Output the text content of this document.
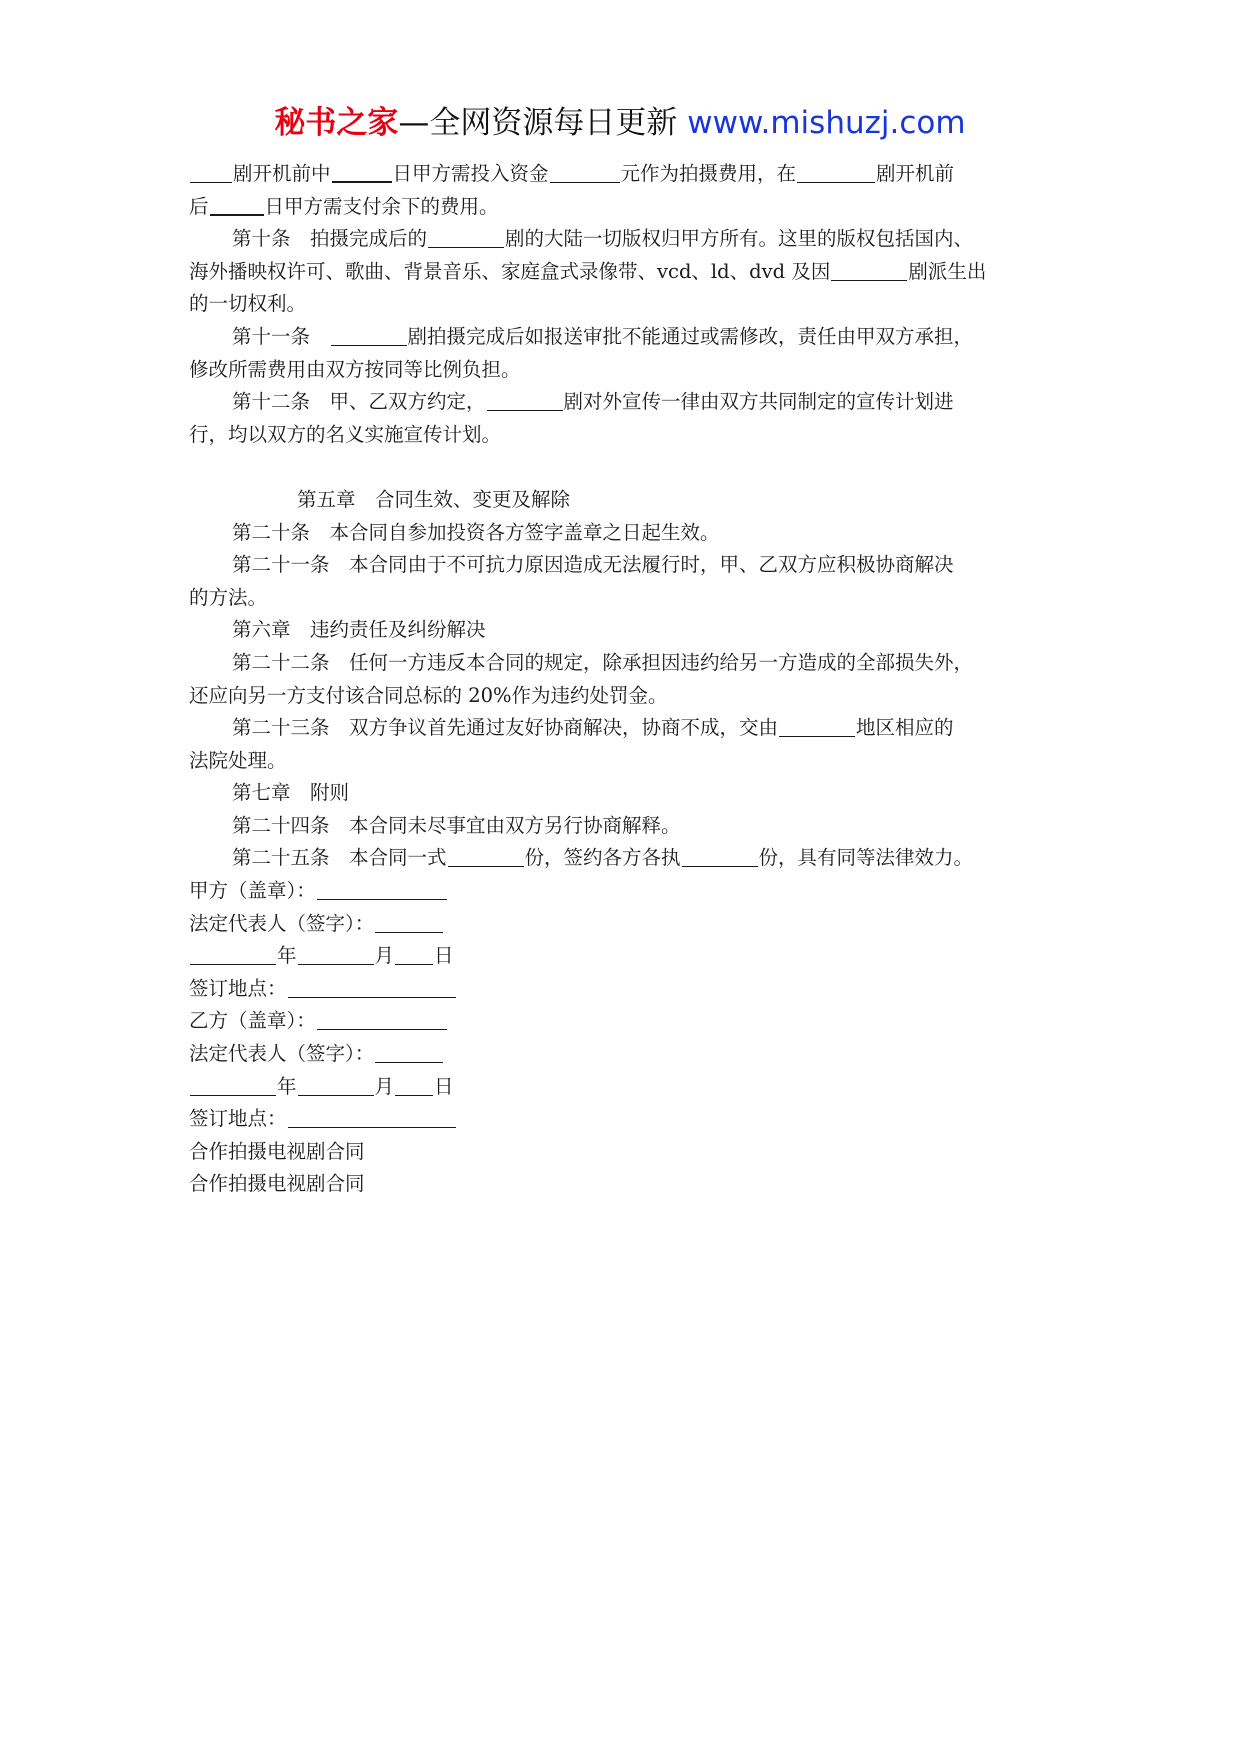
秘书之家—全网资源每日更新 www.mishuzj.com
剧开机前中	日甲方需投入资金	元作为拍摄费用，在	剧开机前
后	日甲方需支付余下的费用。
第十条　拍摄完成后的	剧的大陆一切版权归甲方所有。这里的版权包括国内、
海外播映权许可、歌曲、背景音乐、家庭盒式录像带、vcd、ld、dvd 及因	剧派生出
的一切权利。
第十一条　	剧拍摄完成后如报送审批不能通过或需修改，责任由甲双方承担，
修改所需费用由双方按同等比例负担。
第十二条　甲、乙双方约定，	剧对外宣传一律由双方共同制定的宣传计划进
行，均以双方的名义实施宣传计划。
第五章　合同生效、变更及解除
第二十条　本合同自参加投资各方签字盖章之日起生效。
第二十一条　本合同由于不可抗力原因造成无法履行时，甲、乙双方应积极协商解决
的方法。
第六章　违约责任及纠纷解决
第二十二条　任何一方违反本合同的规定，除承担因违约给另一方造成的全部损失外，
还应向另一方支付该合同总标的 20%作为违约处罚金。
第二十三条　双方争议首先通过友好协商解决，协商不成，交由	地区相应的
法院处理。
第七章　附则
第二十四条　本合同未尽事宜由双方另行协商解释。
第二十五条　本合同一式	份，签约各方各执	份，具有同等法律效力。
甲方（盖章）：
法定代表人（签字）：
年	月 日
签订地点：
乙方（盖章）：
法定代表人（签字）：
年	月 日
签订地点：
合作拍摄电视剧合同
合作拍摄电视剧合同
